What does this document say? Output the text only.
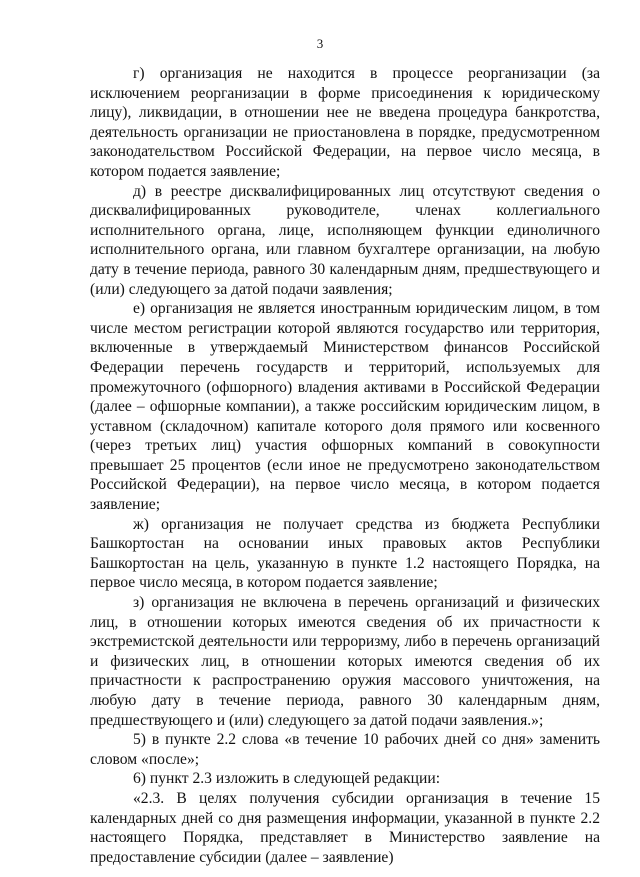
3

г) организация не находится в процессе реорганизации (за исключением реорганизации в форме присоединения к юридическому лицу), ликвидации, в отношении нее не введена процедура банкротства, деятельность организации не приостановлена в порядке, предусмотренном законодательством Российской Федерации, на первое число месяца, в котором подается заявление;

д) в реестре дисквалифицированных лиц отсутствуют сведения о дисквалифицированных руководителе, членах коллегиального исполнительного органа, лице, исполняющем функции единоличного исполнительного органа, или главном бухгалтере организации, на любую дату в течение периода, равного 30 календарным дням, предшествующего и (или) следующего за датой подачи заявления;

е) организация не является иностранным юридическим лицом, в том числе местом регистрации которой являются государство или территория, включенные в утверждаемый Министерством финансов Российской Федерации перечень государств и территорий, используемых для промежуточного (офшорного) владения активами в Российской Федерации (далее – офшорные компании), а также российским юридическим лицом, в уставном (складочном) капитале которого доля прямого или косвенного (через третьих лиц) участия офшорных компаний в совокупности превышает 25 процентов (если иное не предусмотрено законодательством Российской Федерации), на первое число месяца, в котором подается заявление;

ж) организация не получает средства из бюджета Республики Башкортостан на основании иных правовых актов Республики Башкортостан на цель, указанную в пункте 1.2 настоящего Порядка, на первое число месяца, в котором подается заявление;

з) организация не включена в перечень организаций и физических лиц, в отношении которых имеются сведения об их причастности к экстремистской деятельности или терроризму, либо в перечень организаций и физических лиц, в отношении которых имеются сведения об их причастности к распространению оружия массового уничтожения, на любую дату в течение периода, равного 30 календарным дням, предшествующего и (или) следующего за датой подачи заявления.»;

5) в пункте 2.2 слова «в течение 10 рабочих дней со дня» заменить словом «после»;

6) пункт 2.3 изложить в следующей редакции:

«2.3. В целях получения субсидии организация в течение 15 календарных дней со дня размещения информации, указанной в пункте 2.2 настоящего Порядка, представляет в Министерство заявление на предоставление субсидии (далее – заявление)
